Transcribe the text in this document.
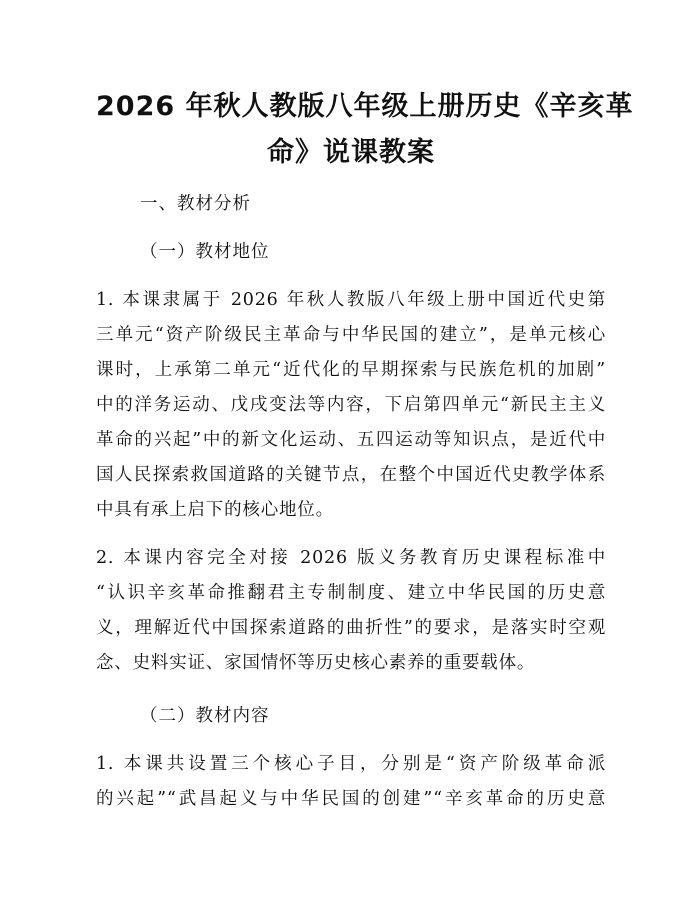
2026 年秋人教版八年级上册历史《辛亥革
命》说课教案

一、教材分析

（一）教材地位

1. 本课隶属于 2026 年秋人教版八年级上册中国近代史第
三单元“资产阶级民主革命与中华民国的建立”，是单元核心
课时，上承第二单元“近代化的早期探索与民族危机的加剧”
中的洋务运动、戊戌变法等内容，下启第四单元“新民主主义
革命的兴起”中的新文化运动、五四运动等知识点，是近代中
国人民探索救国道路的关键节点，在整个中国近代史教学体系
中具有承上启下的核心地位。
2. 本课内容完全对接 2026 版义务教育历史课程标准中
“认识辛亥革命推翻君主专制制度、建立中华民国的历史意
义，理解近代中国探索道路的曲折性”的要求，是落实时空观
念、史料实证、家国情怀等历史核心素养的重要载体。

（二）教材内容

1. 本课共设置三个核心子目，分别是“资产阶级革命派
的兴起”“武昌起义与中华民国的创建”“辛亥革命的历史意
